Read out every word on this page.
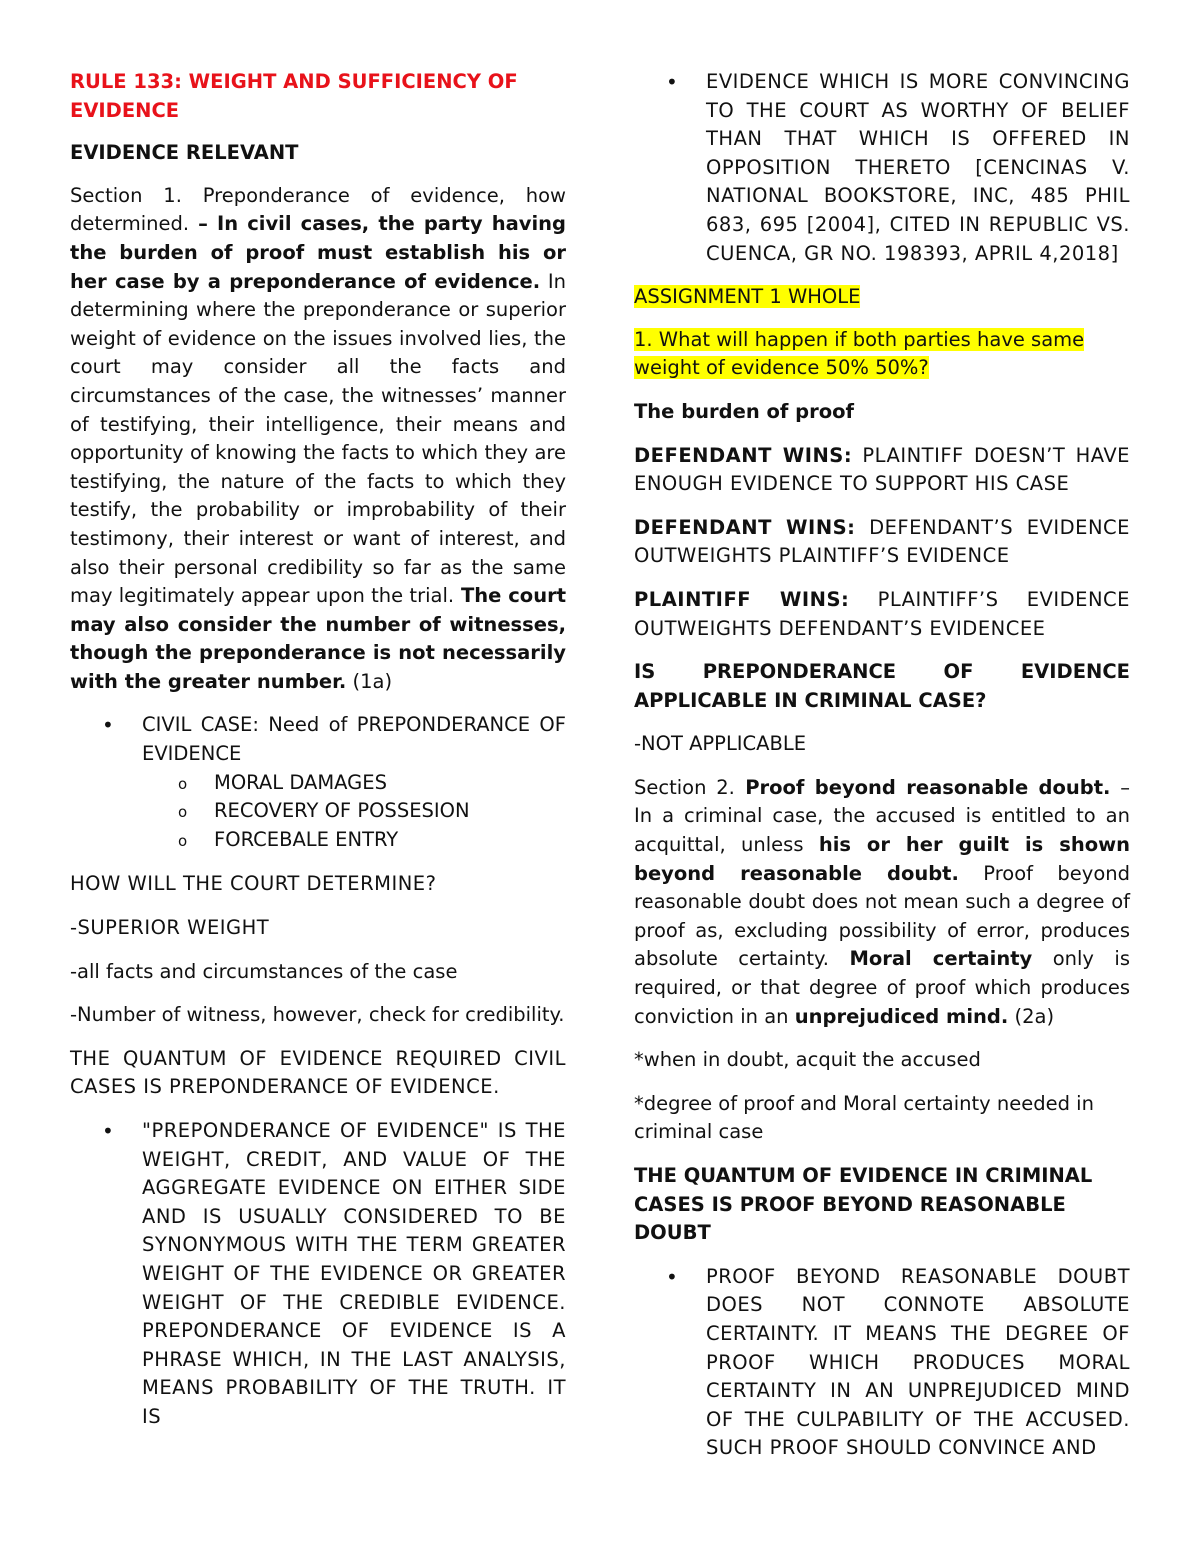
RULE 133: WEIGHT AND SUFFICIENCY OF EVIDENCE

EVIDENCE RELEVANT

Section 1. Preponderance of evidence, how determined. – In civil cases, the party having the burden of proof must establish his or her case by a preponderance of evidence. In determining where the preponderance or superior weight of evidence on the issues involved lies, the court may consider all the facts and circumstances of the case, the witnesses’ manner of testifying, their intelligence, their means and opportunity of knowing the facts to which they are testifying, the nature of the facts to which they testify, the probability or improbability of their testimony, their interest or want of interest, and also their personal credibility so far as the same may legitimately appear upon the trial. The court may also consider the number of witnesses, though the preponderance is not necessarily with the greater number. (1a)

• CIVIL CASE: Need of PREPONDERANCE OF EVIDENCE
o MORAL DAMAGES
o RECOVERY OF POSSESION
o FORCEBALE ENTRY

HOW WILL THE COURT DETERMINE?

-SUPERIOR WEIGHT

-all facts and circumstances of the case

-Number of witness, however, check for credibility.

THE QUANTUM OF EVIDENCE REQUIRED CIVIL CASES IS PREPONDERANCE OF EVIDENCE.

• "PREPONDERANCE OF EVIDENCE" IS THE WEIGHT, CREDIT, AND VALUE OF THE AGGREGATE EVIDENCE ON EITHER SIDE AND IS USUALLY CONSIDERED TO BE SYNONYMOUS WITH THE TERM GREATER WEIGHT OF THE EVIDENCE OR GREATER WEIGHT OF THE CREDIBLE EVIDENCE. PREPONDERANCE OF EVIDENCE IS A PHRASE WHICH, IN THE LAST ANALYSIS, MEANS PROBABILITY OF THE TRUTH. IT IS
• EVIDENCE WHICH IS MORE CONVINCING TO THE COURT AS WORTHY OF BELIEF THAN THAT WHICH IS OFFERED IN OPPOSITION THERETO [CENCINAS V. NATIONAL BOOKSTORE, INC, 485 PHIL 683, 695 [2004], CITED IN REPUBLIC VS. CUENCA, GR NO. 198393, APRIL 4,2018]

ASSIGNMENT 1 WHOLE

1. What will happen if both parties have same weight of evidence 50% 50%?

The burden of proof

DEFENDANT WINS: PLAINTIFF DOESN’T HAVE ENOUGH EVIDENCE TO SUPPORT HIS CASE

DEFENDANT WINS: DEFENDANT’S EVIDENCE OUTWEIGHTS PLAINTIFF’S EVIDENCE

PLAINTIFF WINS: PLAINTIFF’S EVIDENCE OUTWEIGHTS DEFENDANT’S EVIDENCEE

IS PREPONDERANCE OF EVIDENCE APPLICABLE IN CRIMINAL CASE?

-NOT APPLICABLE

Section 2. Proof beyond reasonable doubt. – In a criminal case, the accused is entitled to an acquittal, unless his or her guilt is shown beyond reasonable doubt. Proof beyond reasonable doubt does not mean such a degree of proof as, excluding possibility of error, produces absolute certainty. Moral certainty only is required, or that degree of proof which produces conviction in an unprejudiced mind. (2a)

*when in doubt, acquit the accused

*degree of proof and Moral certainty needed in criminal case

THE QUANTUM OF EVIDENCE IN CRIMINAL CASES IS PROOF BEYOND REASONABLE DOUBT

• PROOF BEYOND REASONABLE DOUBT DOES NOT CONNOTE ABSOLUTE CERTAINTY. IT MEANS THE DEGREE OF PROOF WHICH PRODUCES MORAL CERTAINTY IN AN UNPREJUDICED MIND OF THE CULPABILITY OF THE ACCUSED. SUCH PROOF SHOULD CONVINCE AND
